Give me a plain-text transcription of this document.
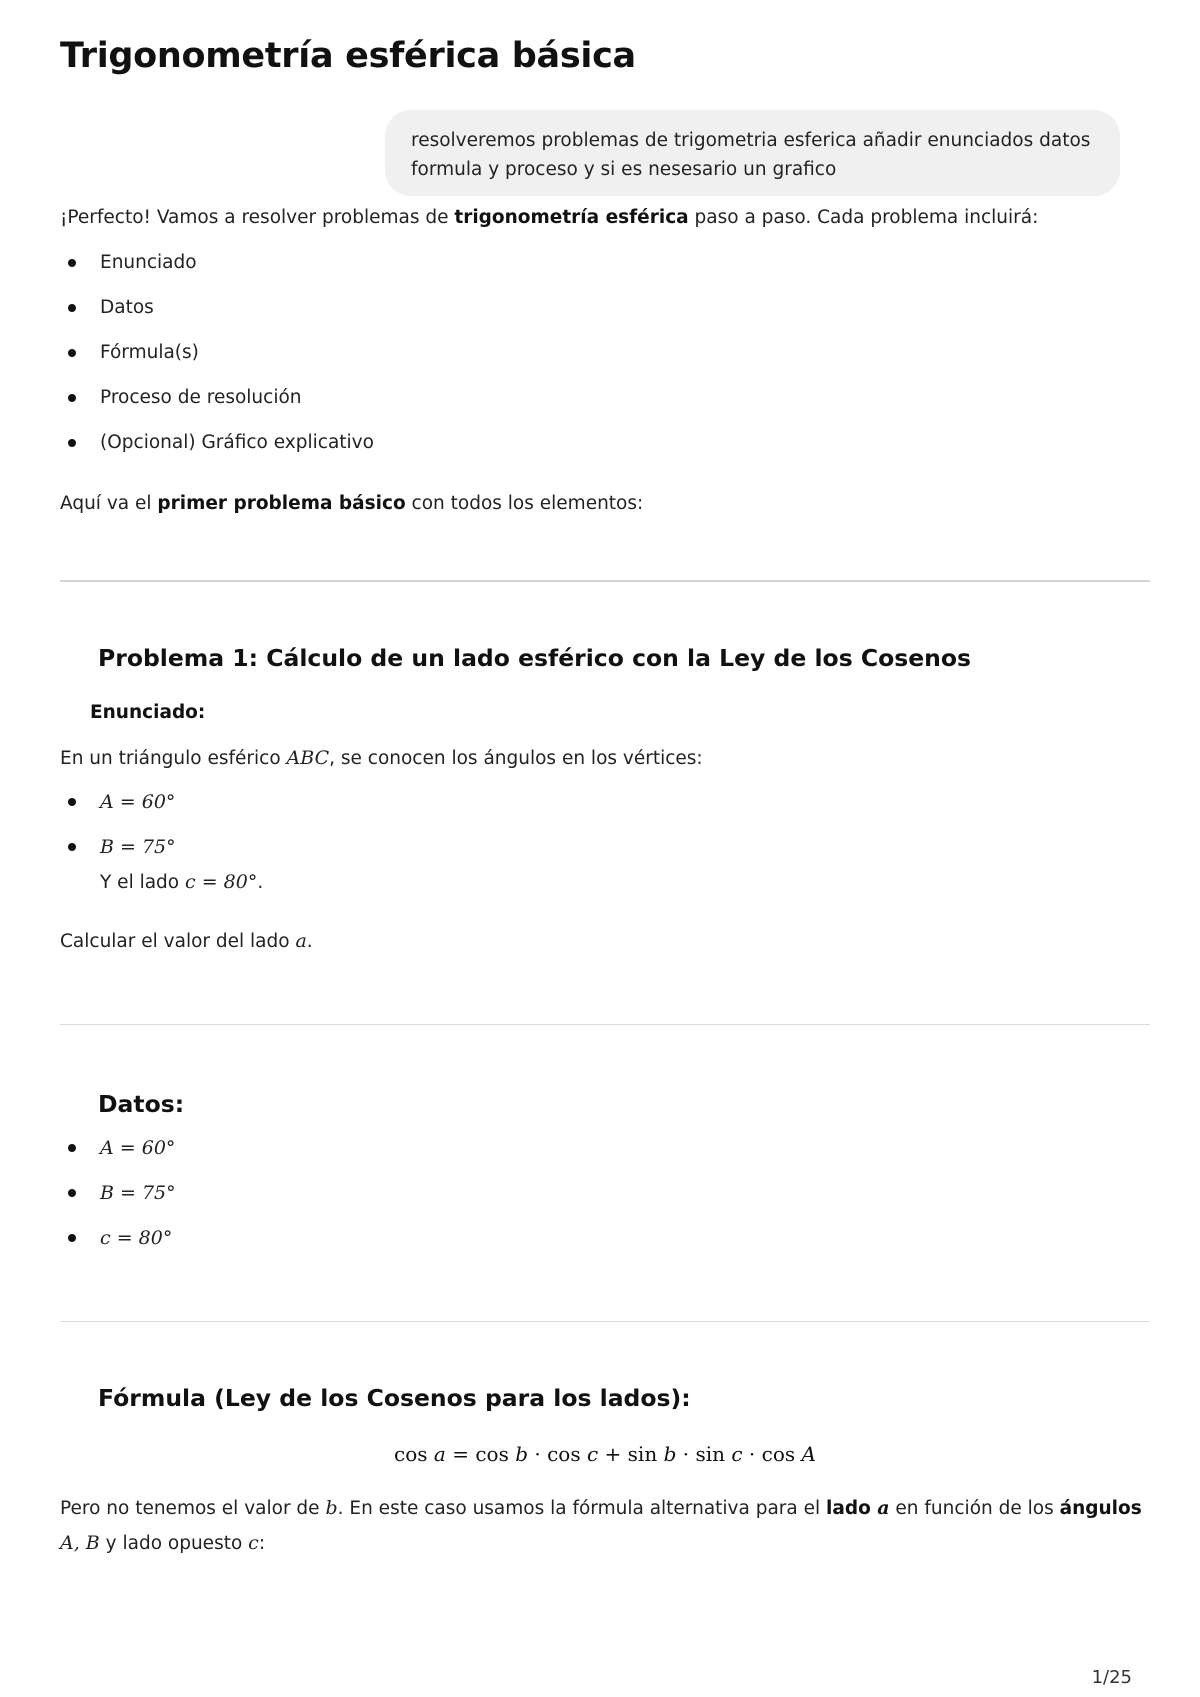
Trigonometría esférica básica
resolveremos problemas de trigometria esferica añadir enunciados datos
formula y proceso y si es nesesario un grafico
¡Perfecto! Vamos a resolver problemas de trigonometría esférica paso a paso. Cada problema incluirá:
Enunciado
Datos
Fórmula(s)
Proceso de resolución
(Opcional) Gráfico explicativo
Aquí va el primer problema básico con todos los elementos:
Problema 1: Cálculo de un lado esférico con la Ley de los Cosenos
Enunciado:
En un triángulo esférico ABC, se conocen los ángulos en los vértices:
A = 60°
B = 75°
Y el lado c = 80°.
Calcular el valor del lado a.
Datos:
A = 60°
B = 75°
c = 80°
Fórmula (Ley de los Cosenos para los lados):
cos a = cos b · cos c + sin b · sin c · cos A
Pero no tenemos el valor de b. En este caso usamos la fórmula alternativa para el lado a en función de los ángulos
A, B y lado opuesto c:
1/25
